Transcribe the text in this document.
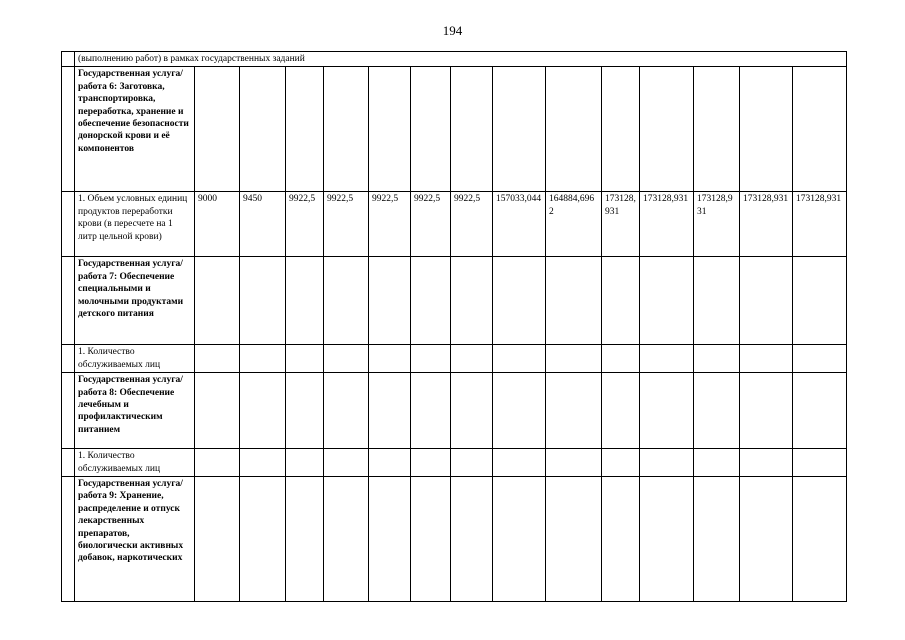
194
	(выполнению работ) в рамках государственных заданий														
	Государственная услуга/работа 6: Заготовка, транспортировка, переработка, хранение и обеспечение безопасности донорской крови и её компонентов														
	1. Объем условных единиц продуктов переработки крови (в пересчете на 1 литр цельной крови)	9000	9450	9922,5	9922,5	9922,5	9922,5	9922,5	157033,044	164884,6962	173128,931	173128,931	173128,931	173128,931	173128,931
	Государственная услуга/работа 7: Обеспечение специальными и молочными продуктами детского питания														
	1. Количество обслуживаемых лиц														
	Государственная услуга/работа 8: Обеспечение лечебным и профилактическим питанием														
	1. Количество обслуживаемых лиц														
	Государственная услуга/работа 9: Хранение, распределение и отпуск лекарственных препаратов, биологически активных добавок, наркотических														
